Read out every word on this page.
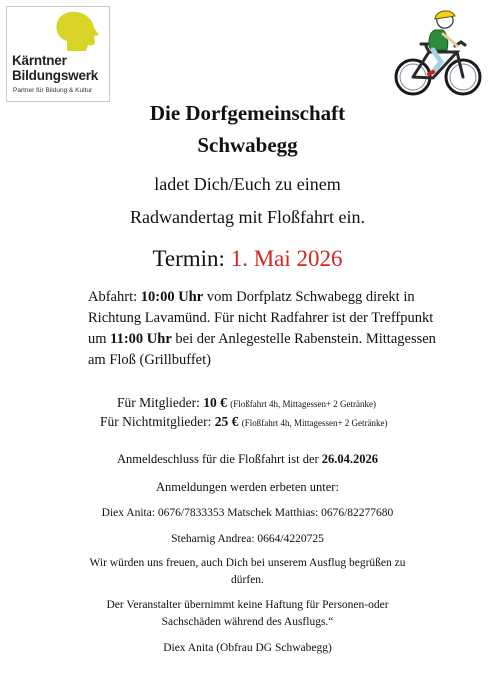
Kärntner
Bildungswerk
Partner für Bildung & Kultur
Die Dorfgemeinschaft
Schwabegg
ladet Dich/Euch zu einem
Radwandertag mit Floßfahrt ein.
Termin: 1. Mai 2026
Abfahrt: 10:00 Uhr vom Dorfplatz Schwabegg direkt in Richtung Lavamünd. Für nicht Radfahrer ist der Treffpunkt um 11:00 Uhr bei der Anlegestelle Rabenstein. Mittagessen am Floß (Grillbuffet)
Für Mitglieder: 10 € (Floßfahrt 4h, Mittagessen+ 2 Getränke)
Für Nichtmitglieder: 25 € (Floßfahrt 4h, Mittagessen+ 2 Getränke)
Anmeldeschluss für die Floßfahrt ist der 26.04.2026
Anmeldungen werden erbeten unter:
Diex Anita: 0676/7833353 Matschek Matthias: 0676/82277680
Steharnig Andrea: 0664/4220725
Wir würden uns freuen, auch Dich bei unserem Ausflug begrüßen zu
dürfen.
Der Veranstalter übernimmt keine Haftung für Personen-oder
Sachschäden während des Ausflugs.“
Diex Anita (Obfrau DG Schwabegg)
